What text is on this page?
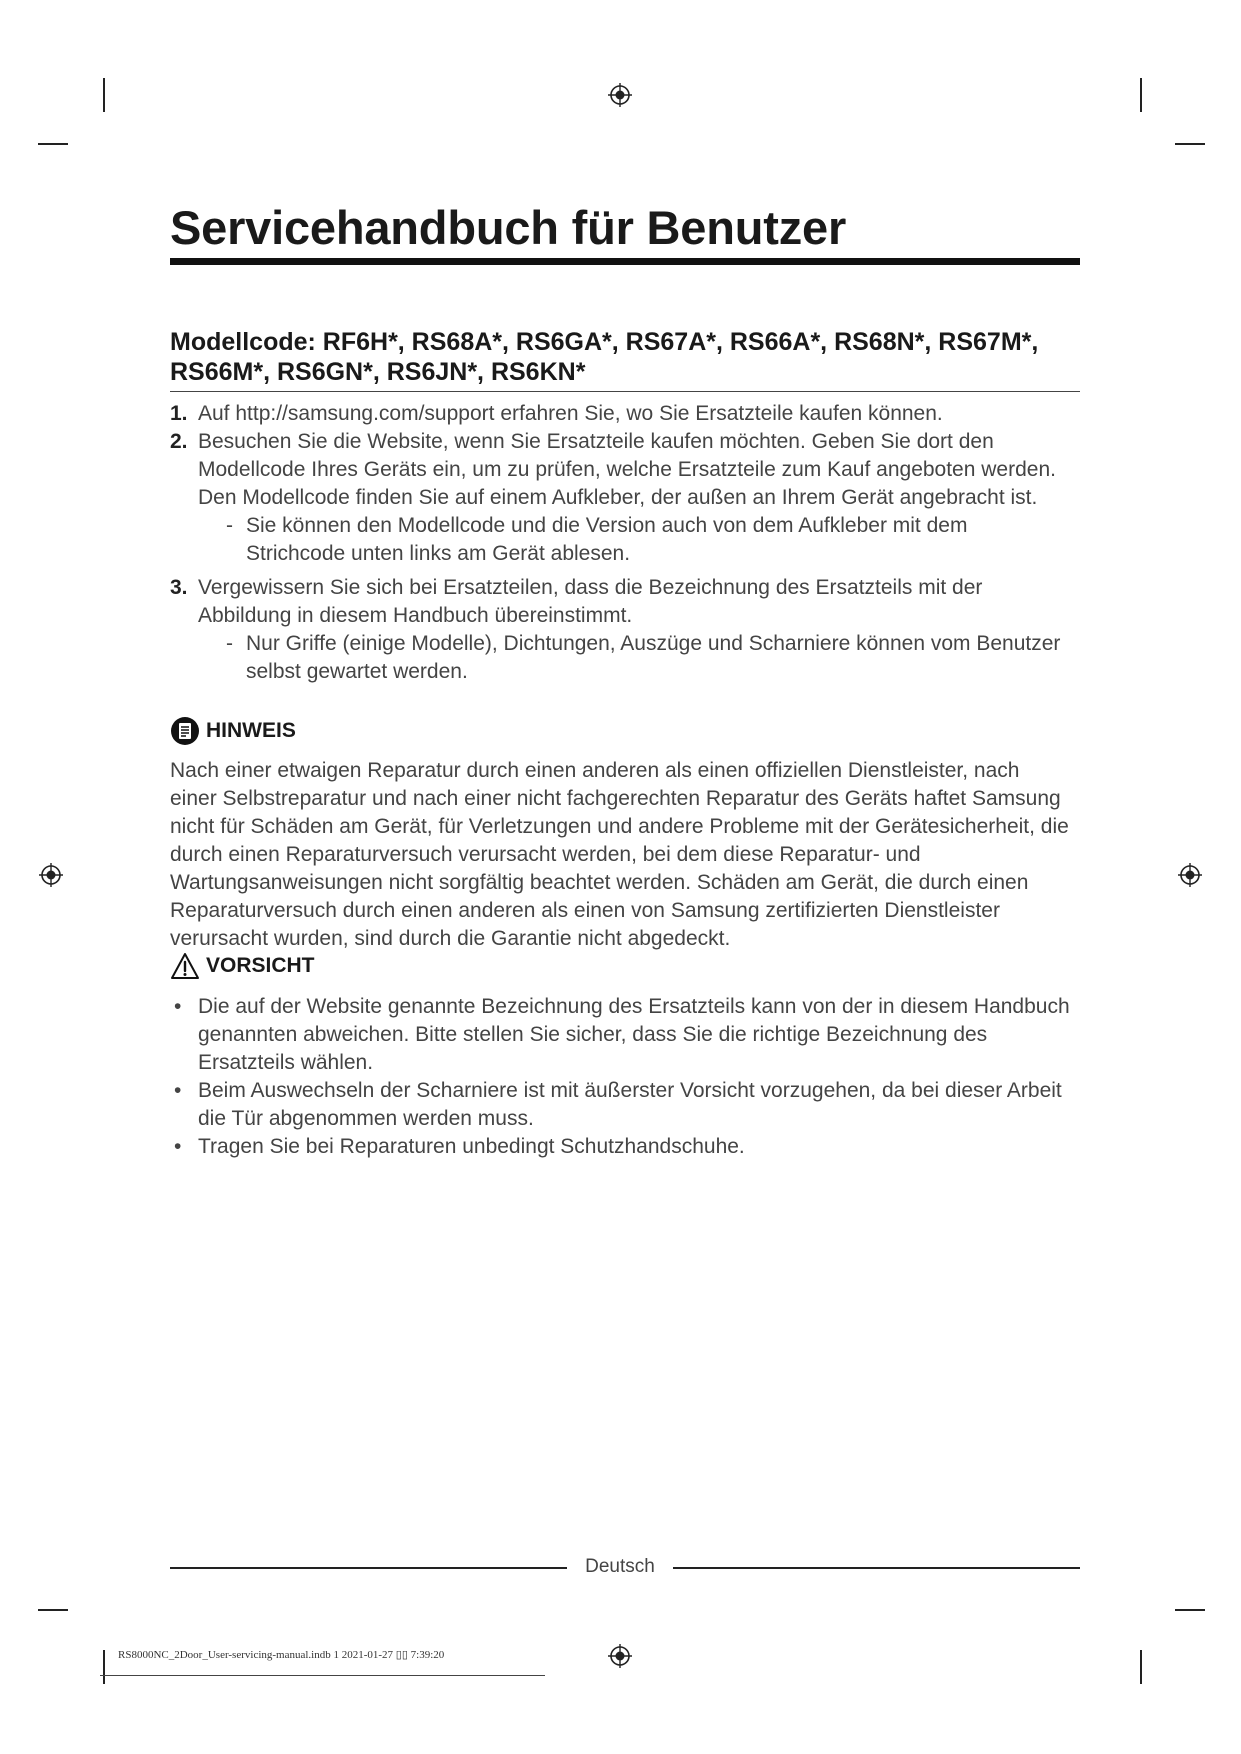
Servicehandbuch für Benutzer
Modellcode: RF6H*, RS68A*, RS6GA*, RS67A*, RS66A*, RS68N*, RS67M*, RS66M*, RS6GN*, RS6JN*, RS6KN*
1. Auf http://samsung.com/support erfahren Sie, wo Sie Ersatzteile kaufen können.
2. Besuchen Sie die Website, wenn Sie Ersatzteile kaufen möchten. Geben Sie dort den Modellcode Ihres Geräts ein, um zu prüfen, welche Ersatzteile zum Kauf angeboten werden. Den Modellcode finden Sie auf einem Aufkleber, der außen an Ihrem Gerät angebracht ist.
- Sie können den Modellcode und die Version auch von dem Aufkleber mit dem Strichcode unten links am Gerät ablesen.
3. Vergewissern Sie sich bei Ersatzteilen, dass die Bezeichnung des Ersatzteils mit der Abbildung in diesem Handbuch übereinstimmt.
- Nur Griffe (einige Modelle), Dichtungen, Auszüge und Scharniere können vom Benutzer selbst gewartet werden.
HINWEIS

Nach einer etwaigen Reparatur durch einen anderen als einen offiziellen Dienstleister, nach einer Selbstreparatur und nach einer nicht fachgerechten Reparatur des Geräts haftet Samsung nicht für Schäden am Gerät, für Verletzungen und andere Probleme mit der Gerätesicherheit, die durch einen Reparaturversuch verursacht werden, bei dem diese Reparatur- und Wartungsanweisungen nicht sorgfältig beachtet werden. Schäden am Gerät, die durch einen Reparaturversuch durch einen anderen als einen von Samsung zertifizierten Dienstleister verursacht wurden, sind durch die Garantie nicht abgedeckt.

VORSICHT
• Die auf der Website genannte Bezeichnung des Ersatzteils kann von der in diesem Handbuch genannten abweichen. Bitte stellen Sie sicher, dass Sie die richtige Bezeichnung des Ersatzteils wählen.
• Beim Auswechseln der Scharniere ist mit äußerster Vorsicht vorzugehen, da bei dieser Arbeit die Tür abgenommen werden muss.
• Tragen Sie bei Reparaturen unbedingt Schutzhandschuhe.
Deutsch
RS8000NC_2Door_User-servicing-manual.indb 1 2021-01-27 ▯▯ 7:39:20
